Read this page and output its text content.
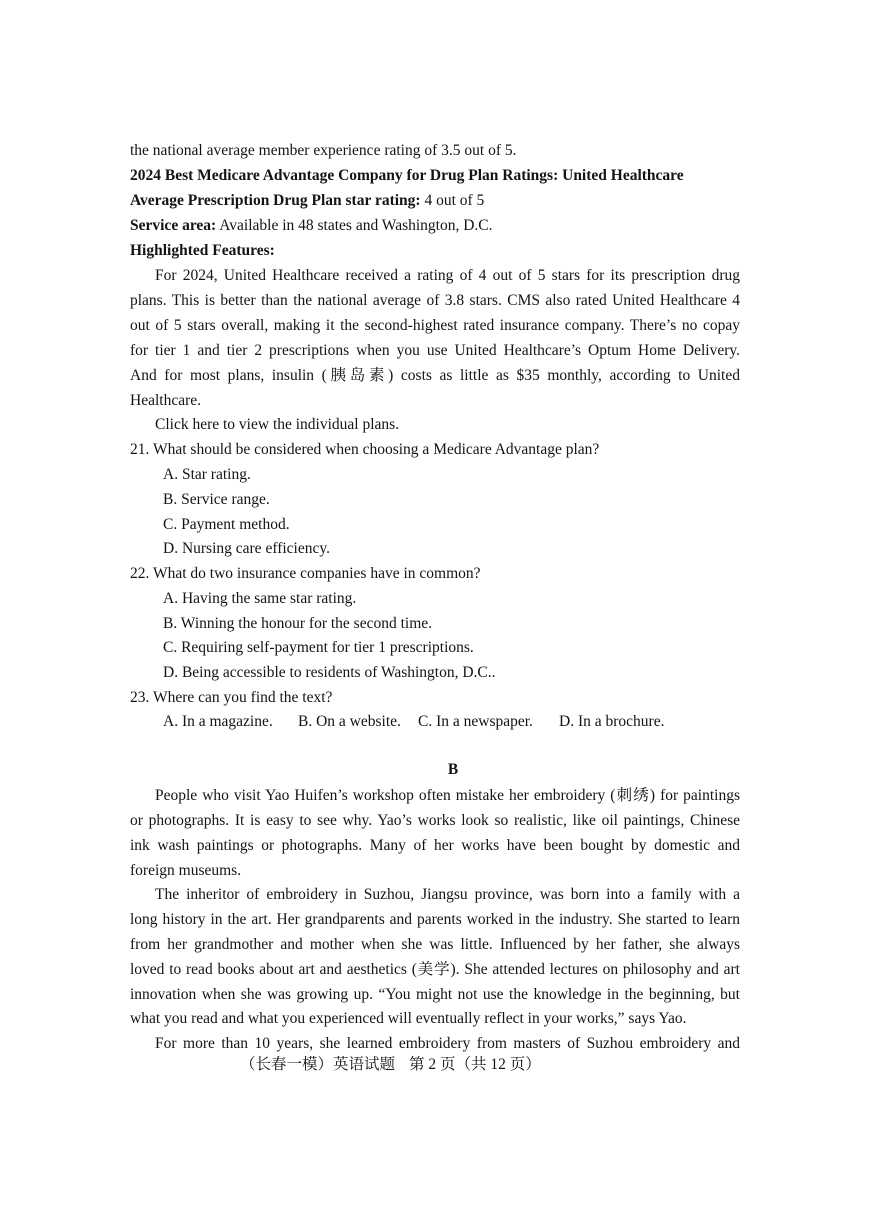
the national average member experience rating of 3.5 out of 5.
2024 Best Medicare Advantage Company for Drug Plan Ratings: United Healthcare
Average Prescription Drug Plan star rating: 4 out of 5
Service area: Available in 48 states and Washington, D.C.
Highlighted Features:
For 2024, United Healthcare received a rating of 4 out of 5 stars for its prescription drug
plans. This is better than the national average of 3.8 stars. CMS also rated United Healthcare 4
out of 5 stars overall, making it the second-highest rated insurance company. There’s no copay
for tier 1 and tier 2 prescriptions when you use United Healthcare’s Optum Home Delivery.
And for most plans, insulin (胰岛素) costs as little as $35 monthly, according to United
Healthcare.
Click here to view the individual plans.
21. What should be considered when choosing a Medicare Advantage plan?
A. Star rating.
B. Service range.
C. Payment method.
D. Nursing care efficiency.
22. What do two insurance companies have in common?
A. Having the same star rating.
B. Winning the honour for the second time.
C. Requiring self-payment for tier 1 prescriptions.
D. Being accessible to residents of Washington, D.C..
23. Where can you find the text?
A. In a magazine. B. On a website. C. In a newspaper. D. In a brochure.
B
People who visit Yao Huifen’s workshop often mistake her embroidery (刺绣) for paintings
or photographs. It is easy to see why. Yao’s works look so realistic, like oil paintings, Chinese
ink wash paintings or photographs. Many of her works have been bought by domestic and
foreign museums.
The inheritor of embroidery in Suzhou, Jiangsu province, was born into a family with a
long history in the art. Her grandparents and parents worked in the industry. She started to learn
from her grandmother and mother when she was little. Influenced by her father, she always
loved to read books about art and aesthetics (美学). She attended lectures on philosophy and art
innovation when she was growing up. “You might not use the knowledge in the beginning, but
what you read and what you experienced will eventually reflect in your works,” says Yao.
For more than 10 years, she learned embroidery from masters of Suzhou embroidery and
（长春一模）英语试题 第 2 页（共 12 页）
